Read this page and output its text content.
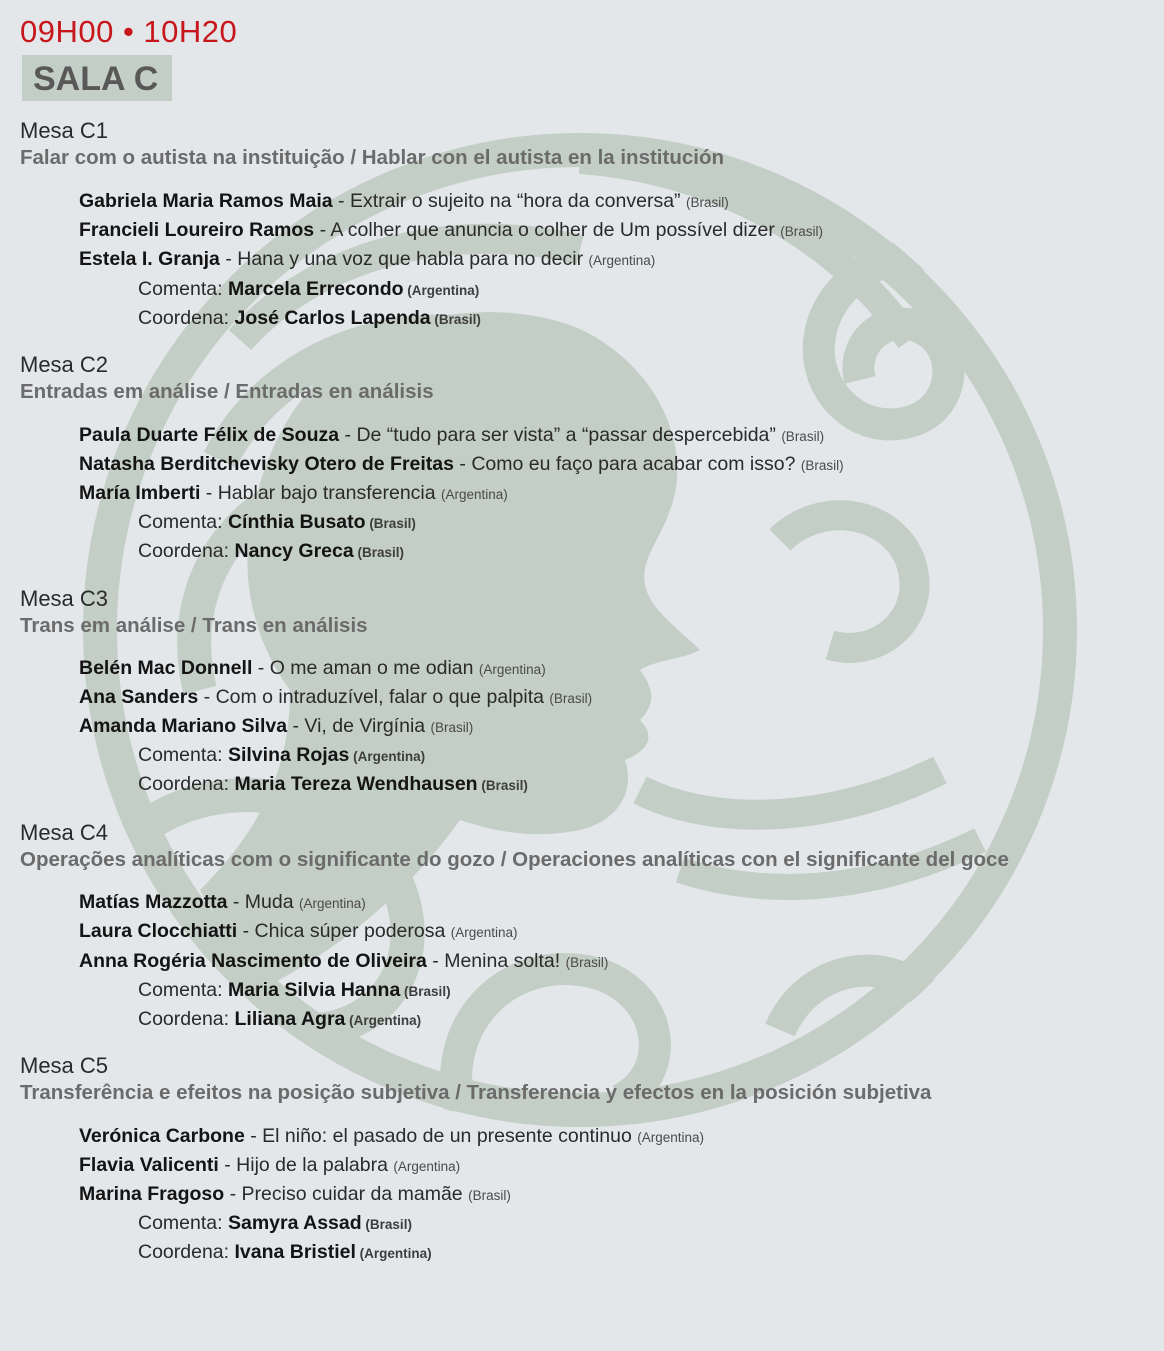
09H00 • 10H20
SALA C
Mesa C1
Falar com o autista na instituição / Hablar con el autista en la institución
Gabriela Maria Ramos Maia - Extrair o sujeito na “hora da conversa” (Brasil)
Francieli Loureiro Ramos - A colher que anuncia o colher de Um possível dizer (Brasil)
Estela I. Granja - Hana y una voz que habla para no decir (Argentina)
Comenta: Marcela Errecondo (Argentina)
Coordena: José Carlos Lapenda (Brasil)
Mesa C2
Entradas em análise / Entradas en análisis
Paula Duarte Félix de Souza - De “tudo para ser vista” a “passar despercebida” (Brasil)
Natasha Berditchevisky Otero de Freitas - Como eu faço para acabar com isso? (Brasil)
María Imberti - Hablar bajo transferencia (Argentina)
Comenta: Cínthia Busato (Brasil)
Coordena: Nancy Greca (Brasil)
Mesa C3
Trans em análise / Trans en análisis
Belén Mac Donnell - O me aman o me odian (Argentina)
Ana Sanders - Com o intraduzível, falar o que palpita (Brasil)
Amanda Mariano Silva - Vi, de Virgínia (Brasil)
Comenta: Silvina Rojas (Argentina)
Coordena: Maria Tereza Wendhausen (Brasil)
Mesa C4
Operações analíticas com o significante do gozo / Operaciones analíticas con el significante del goce
Matías Mazzotta - Muda (Argentina)
Laura Clocchiatti - Chica súper poderosa (Argentina)
Anna Rogéria Nascimento de Oliveira - Menina solta! (Brasil)
Comenta: Maria Silvia Hanna (Brasil)
Coordena: Liliana Agra (Argentina)
Mesa C5
Transferência e efeitos na posição subjetiva / Transferencia y efectos en la posición subjetiva
Verónica Carbone - El niño: el pasado de un presente continuo (Argentina)
Flavia Valicenti - Hijo de la palabra (Argentina)
Marina Fragoso - Preciso cuidar da mamãe (Brasil)
Comenta: Samyra Assad (Brasil)
Coordena: Ivana Bristiel (Argentina)
